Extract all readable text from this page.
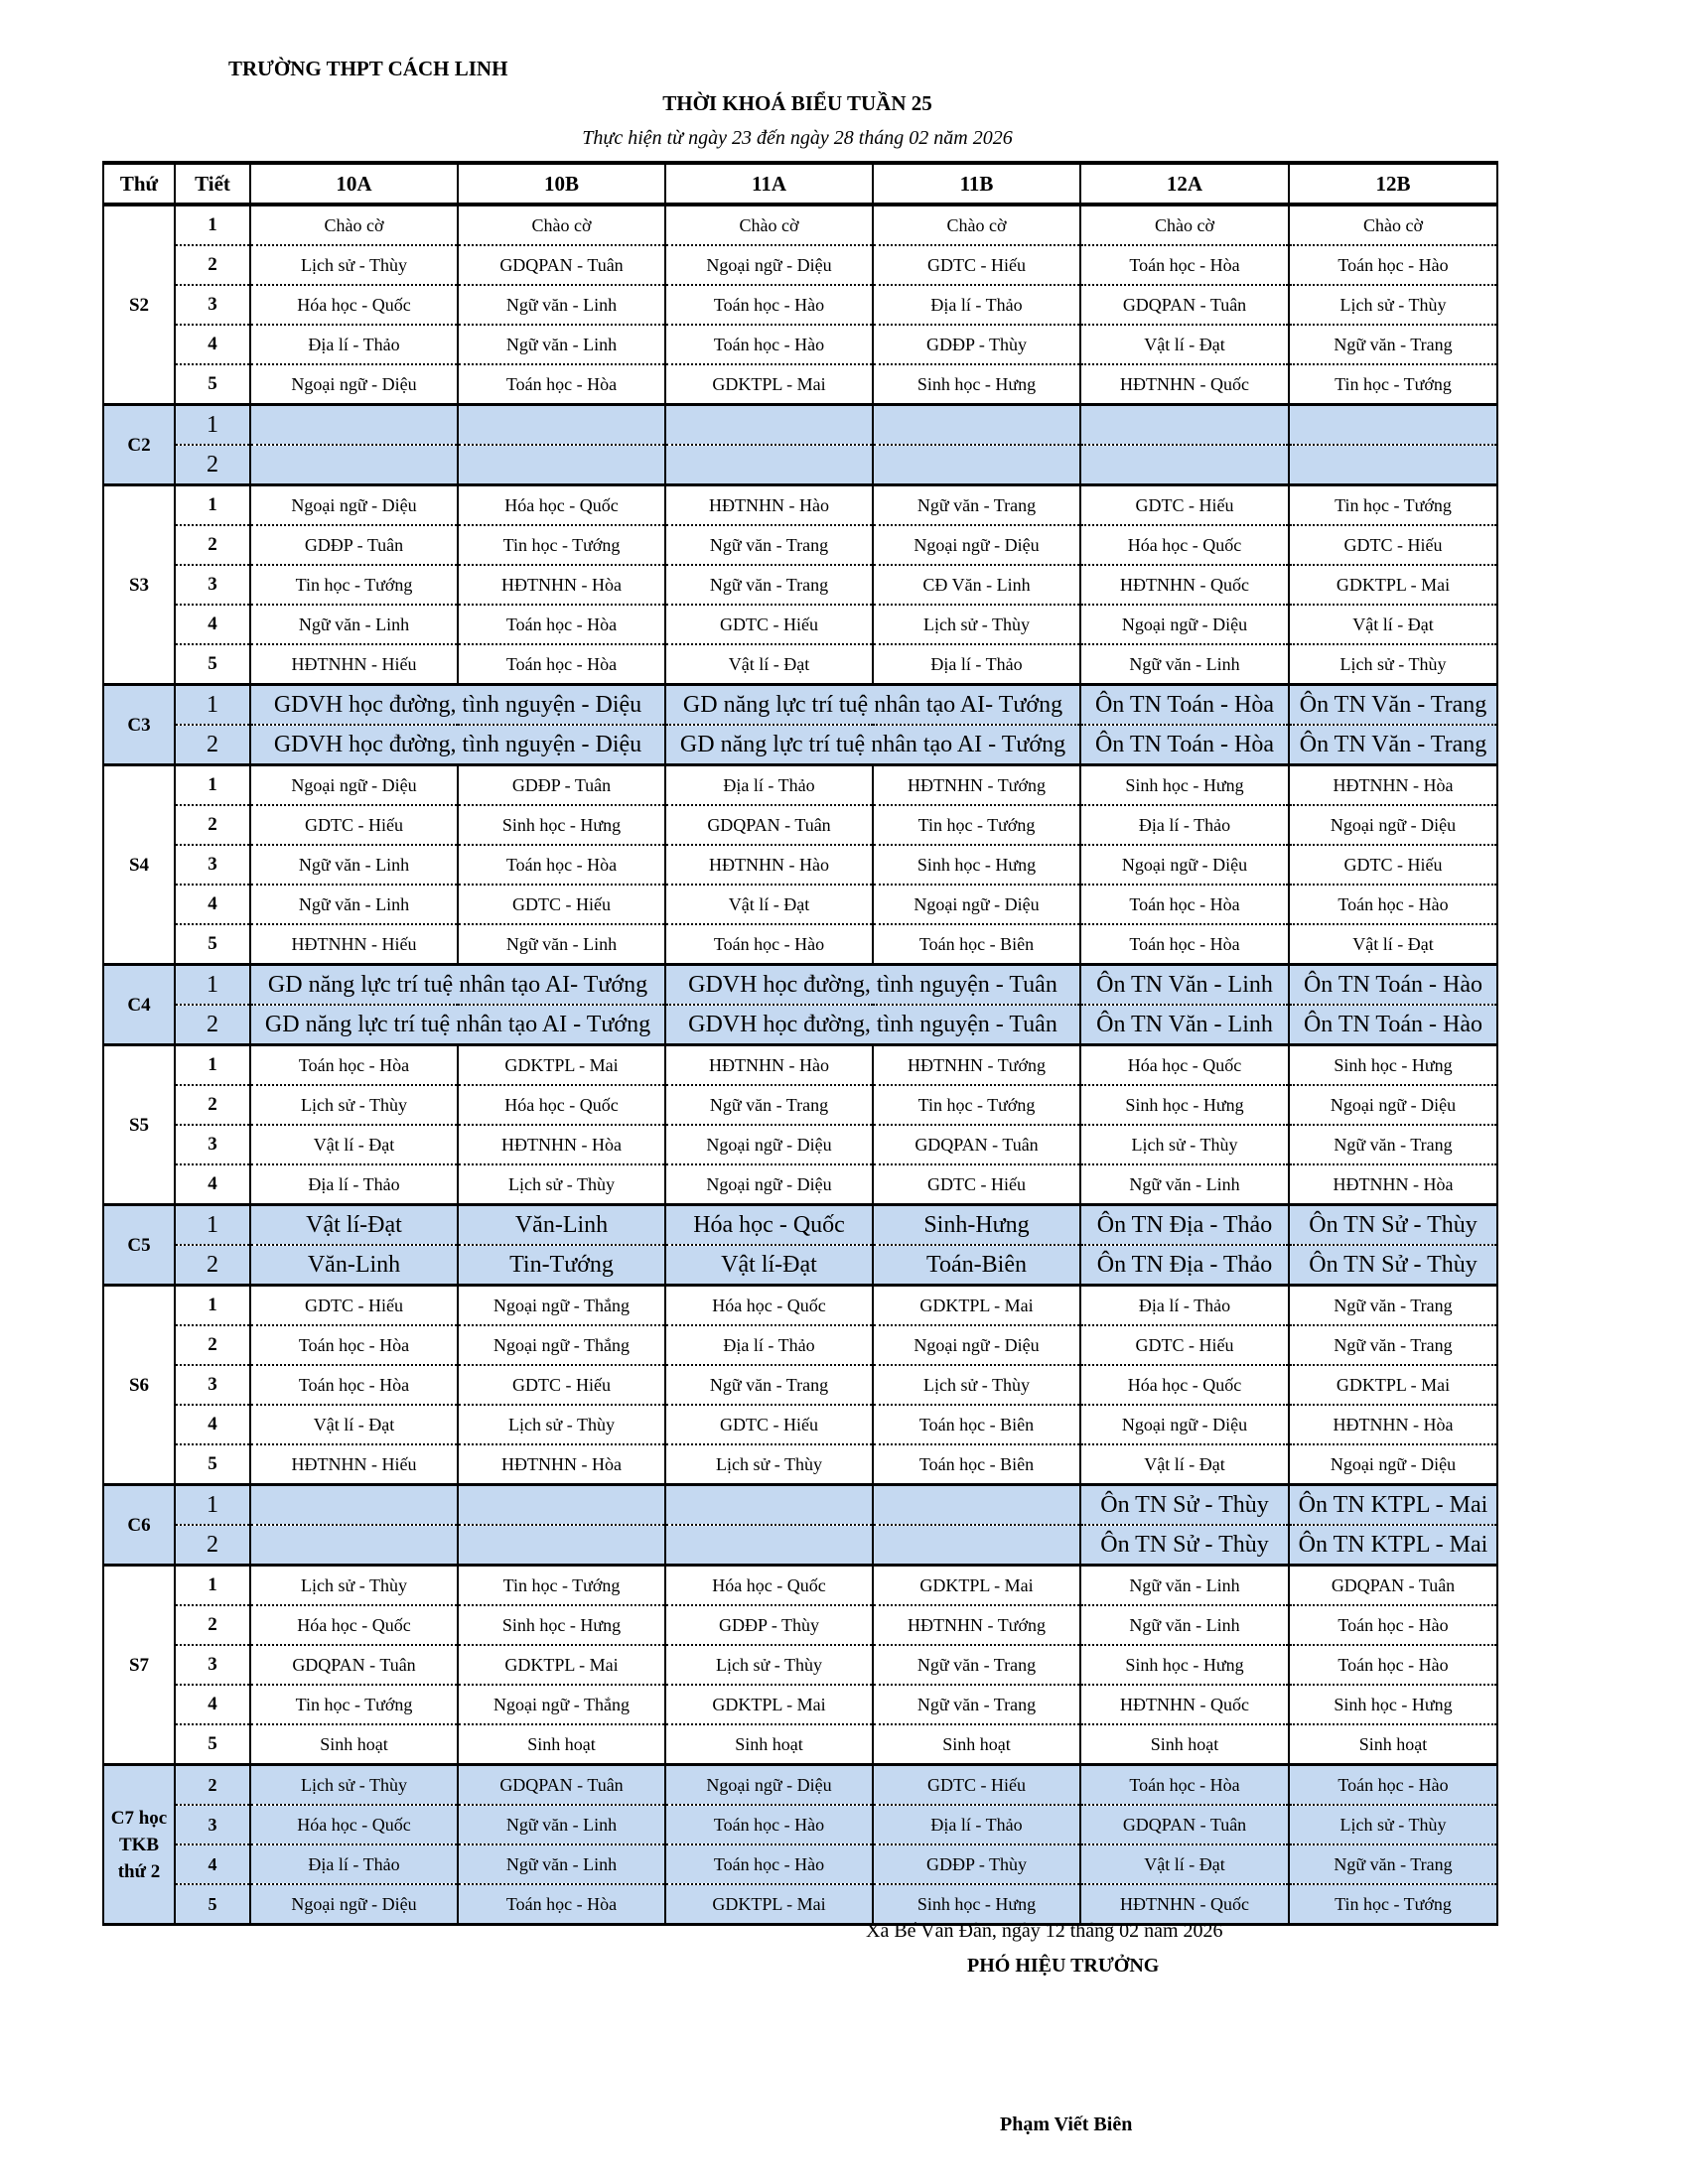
TRƯỜNG THPT CÁCH LINH
THỜI KHOÁ BIỂU TUẦN 25
Thực hiện từ ngày 23 đến ngày 28 tháng 02 năm 2026
Thứ	Tiết	10A	10B	11A	11B	12A	12B
S2	1	Chào cờ	Chào cờ	Chào cờ	Chào cờ	Chào cờ	Chào cờ
	2	Lịch sử - Thùy	GDQPAN - Tuân	Ngoại ngữ - Diệu	GDTC - Hiếu	Toán học - Hòa	Toán học - Hào
	3	Hóa học - Quốc	Ngữ văn - Linh	Toán học - Hào	Địa lí - Thảo	GDQPAN - Tuân	Lịch sử - Thùy
	4	Địa lí - Thảo	Ngữ văn - Linh	Toán học - Hào	GDĐP - Thùy	Vật lí - Đạt	Ngữ văn - Trang
	5	Ngoại ngữ - Diệu	Toán học - Hòa	GDKTPL - Mai	Sinh học - Hưng	HĐTNHN - Quốc	Tin học - Tướng
C2	1						
	2						
S3	1	Ngoại ngữ - Diệu	Hóa học - Quốc	HĐTNHN - Hào	Ngữ văn - Trang	GDTC - Hiếu	Tin học - Tướng
	2	GDĐP - Tuân	Tin học - Tướng	Ngữ văn - Trang	Ngoại ngữ - Diệu	Hóa học - Quốc	GDTC - Hiếu
	3	Tin học - Tướng	HĐTNHN - Hòa	Ngữ văn - Trang	CĐ Văn - Linh	HĐTNHN - Quốc	GDKTPL - Mai
	4	Ngữ văn - Linh	Toán học - Hòa	GDTC - Hiếu	Lịch sử - Thùy	Ngoại ngữ - Diệu	Vật lí - Đạt
	5	HĐTNHN - Hiếu	Toán học - Hòa	Vật lí - Đạt	Địa lí - Thảo	Ngữ văn - Linh	Lịch sử - Thùy
C3	1	GDVH học đường, tình nguyện - Diệu		GD năng lực trí tuệ nhân tạo AI- Tướng		Ôn TN Toán - Hòa	Ôn TN Văn - Trang
	2	GDVH học đường, tình nguyện - Diệu		GD năng lực trí tuệ nhân tạo AI - Tướng		Ôn TN Toán - Hòa	Ôn TN Văn - Trang
S4	1	Ngoại ngữ - Diệu	GDĐP - Tuân	Địa lí - Thảo	HĐTNHN - Tướng	Sinh học - Hưng	HĐTNHN - Hòa
	2	GDTC - Hiếu	Sinh học - Hưng	GDQPAN - Tuân	Tin học - Tướng	Địa lí - Thảo	Ngoại ngữ - Diệu
	3	Ngữ văn - Linh	Toán học - Hòa	HĐTNHN - Hào	Sinh học - Hưng	Ngoại ngữ - Diệu	GDTC - Hiếu
	4	Ngữ văn - Linh	GDTC - Hiếu	Vật lí - Đạt	Ngoại ngữ - Diệu	Toán học - Hòa	Toán học - Hào
	5	HĐTNHN - Hiếu	Ngữ văn - Linh	Toán học - Hào	Toán học - Biên	Toán học - Hòa	Vật lí - Đạt
C4	1	GD năng lực trí tuệ nhân tạo AI- Tướng		GDVH học đường, tình nguyện - Tuân		Ôn TN Văn - Linh	Ôn TN Toán - Hào
	2	GD năng lực trí tuệ nhân tạo AI - Tướng		GDVH học đường, tình nguyện - Tuân		Ôn TN Văn - Linh	Ôn TN Toán - Hào
S5	1	Toán học - Hòa	GDKTPL - Mai	HĐTNHN - Hào	HĐTNHN - Tướng	Hóa học - Quốc	Sinh học - Hưng
	2	Lịch sử - Thùy	Hóa học - Quốc	Ngữ văn - Trang	Tin học - Tướng	Sinh học - Hưng	Ngoại ngữ - Diệu
	3	Vật lí - Đạt	HĐTNHN - Hòa	Ngoại ngữ - Diệu	GDQPAN - Tuân	Lịch sử - Thùy	Ngữ văn - Trang
	4	Địa lí - Thảo	Lịch sử - Thùy	Ngoại ngữ - Diệu	GDTC - Hiếu	Ngữ văn - Linh	HĐTNHN - Hòa
C5	1	Vật lí-Đạt	Văn-Linh	Hóa học - Quốc	Sinh-Hưng	Ôn TN Địa - Thảo	Ôn TN Sử - Thùy
	2	Văn-Linh	Tin-Tướng	Vật lí-Đạt	Toán-Biên	Ôn TN Địa - Thảo	Ôn TN Sử - Thùy
S6	1	GDTC - Hiếu	Ngoại ngữ - Thắng	Hóa học - Quốc	GDKTPL - Mai	Địa lí - Thảo	Ngữ văn - Trang
	2	Toán học - Hòa	Ngoại ngữ - Thắng	Địa lí - Thảo	Ngoại ngữ - Diệu	GDTC - Hiếu	Ngữ văn - Trang
	3	Toán học - Hòa	GDTC - Hiếu	Ngữ văn - Trang	Lịch sử - Thùy	Hóa học - Quốc	GDKTPL - Mai
	4	Vật lí - Đạt	Lịch sử - Thùy	GDTC - Hiếu	Toán học - Biên	Ngoại ngữ - Diệu	HĐTNHN - Hòa
	5	HĐTNHN - Hiếu	HĐTNHN - Hòa	Lịch sử - Thùy	Toán học - Biên	Vật lí - Đạt	Ngoại ngữ - Diệu
C6	1					Ôn TN Sử - Thùy	Ôn TN KTPL - Mai
	2					Ôn TN Sử - Thùy	Ôn TN KTPL - Mai
S7	1	Lịch sử - Thùy	Tin học - Tướng	Hóa học - Quốc	GDKTPL - Mai	Ngữ văn - Linh	GDQPAN - Tuân
	2	Hóa học - Quốc	Sinh học - Hưng	GDĐP - Thùy	HĐTNHN - Tướng	Ngữ văn - Linh	Toán học - Hào
	3	GDQPAN - Tuân	GDKTPL - Mai	Lịch sử - Thùy	Ngữ văn - Trang	Sinh học - Hưng	Toán học - Hào
	4	Tin học - Tướng	Ngoại ngữ - Thắng	GDKTPL - Mai	Ngữ văn - Trang	HĐTNHN - Quốc	Sinh học - Hưng
	5	Sinh hoạt	Sinh hoạt	Sinh hoạt	Sinh hoạt	Sinh hoạt	Sinh hoạt
C7 học TKB thứ 2	2	Lịch sử - Thùy	GDQPAN - Tuân	Ngoại ngữ - Diệu	GDTC - Hiếu	Toán học - Hòa	Toán học - Hào
	3	Hóa học - Quốc	Ngữ văn - Linh	Toán học - Hào	Địa lí - Thảo	GDQPAN - Tuân	Lịch sử - Thùy
	4	Địa lí - Thảo	Ngữ văn - Linh	Toán học - Hào	GDĐP - Thùy	Vật lí - Đạt	Ngữ văn - Trang
	5	Ngoại ngữ - Diệu	Toán học - Hòa	GDKTPL - Mai	Sinh học - Hưng	HĐTNHN - Quốc	Tin học - Tướng
Xã Bế Văn Đàn, ngày 12 tháng 02 năm 2026
PHÓ HIỆU TRƯỞNG
Phạm Viết Biên
